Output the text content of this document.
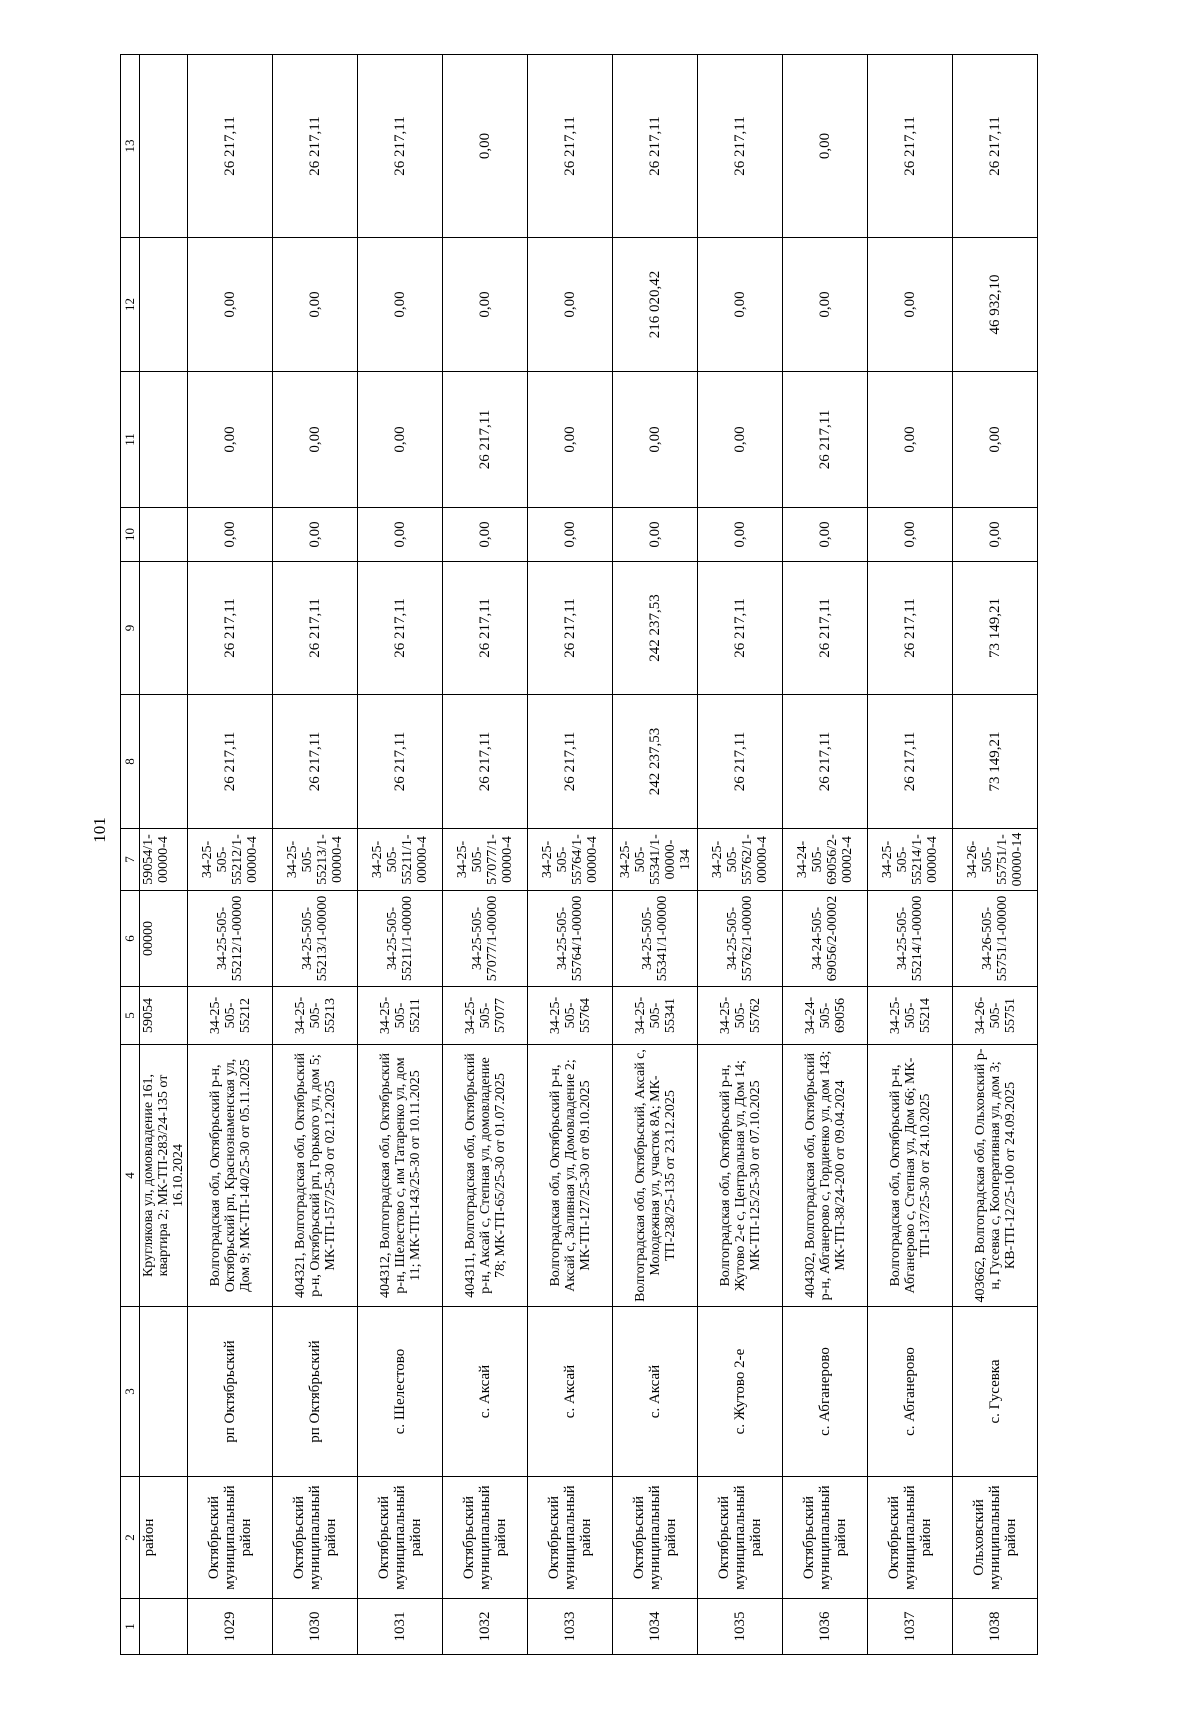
101
1	2	3	4	5	6	7	8	9	10	11	12	13
	район		Круглякова ул, домовладение 161, квартира 2; МК-ТП-283/24-135 от 16.10.2024	59054	00000	59054/1-00000-4						
1029	Октябрьский муниципальный район	рп Октябрьский	Волгоградская обл, Октябрьский р-н, Октябрьский рп, Краснознаменская ул, Дом 9; МК-ТП-140/25-30 от 05.11.2025	34-25-505-55212	34-25-505-55212/1-00000	34-25-505-55212/1-00000-4	26 217,11	26 217,11	0,00	0,00	0,00	26 217,11
1030	Октябрьский муниципальный район	рп Октябрьский	404321, Волгоградская обл, Октябрьский р-н, Октябрьский рп, Горького ул, дом 5; МК-ТП-157/25-30 от 02.12.2025	34-25-505-55213	34-25-505-55213/1-00000	34-25-505-55213/1-00000-4	26 217,11	26 217,11	0,00	0,00	0,00	26 217,11
1031	Октябрьский муниципальный район	с. Шелестово	404312, Волгоградская обл, Октябрьский р-н, Шелестово с, им Татаренко ул, дом 11; МК-ТП-143/25-30 от 10.11.2025	34-25-505-55211	34-25-505-55211/1-00000	34-25-505-55211/1-00000-4	26 217,11	26 217,11	0,00	0,00	0,00	26 217,11
1032	Октябрьский муниципальный район	с. Аксай	404311, Волгоградская обл, Октябрьский р-н, Аксай с, Степная ул, домовладение 78; МК-ТП-65/25-30 от 01.07.2025	34-25-505-57077	34-25-505-57077/1-00000	34-25-505-57077/1-00000-4	26 217,11	26 217,11	0,00	26 217,11	0,00	0,00
1033	Октябрьский муниципальный район	с. Аксай	Волгоградская обл, Октябрьский р-н, Аксай с, Заливная ул, Домовладение 2; МК-ТП-127/25-30 от 09.10.2025	34-25-505-55764	34-25-505-55764/1-00000	34-25-505-55764/1-00000-4	26 217,11	26 217,11	0,00	0,00	0,00	26 217,11
1034	Октябрьский муниципальный район	с. Аксай	Волгоградская обл, Октябрьский, Аксай с, Молодежная ул, участок 8А; МК-ТП-238/25-135 от 23.12.2025	34-25-505-55341	34-25-505-55341/1-00000	34-25-505-55341/1-00000-134	242 237,53	242 237,53	0,00	0,00	216 020,42	26 217,11
1035	Октябрьский муниципальный район	с. Жутово 2-е	Волгоградская обл, Октябрьский р-н, Жутово 2-е с, Центральная ул, Дом 14; МК-ТП-125/25-30 от 07.10.2025	34-25-505-55762	34-25-505-55762/1-00000	34-25-505-55762/1-00000-4	26 217,11	26 217,11	0,00	0,00	0,00	26 217,11
1036	Октябрьский муниципальный район	с. Абганерово	404302, Волгоградская обл, Октябрьский р-н, Абганерово с, Гордиенко ул, дом 143; МК-ТП-38/24-200 от 09.04.2024	34-24-505-69056	34-24-505-69056/2-00002	34-24-505-69056/2-00002-4	26 217,11	26 217,11	0,00	26 217,11	0,00	0,00
1037	Октябрьский муниципальный район	с. Абганерово	Волгоградская обл, Октябрьский р-н, Абганерово с, Степная ул, Дом 66; МК-ТП-137/25-30 от 24.10.2025	34-25-505-55214	34-25-505-55214/1-00000	34-25-505-55214/1-00000-4	26 217,11	26 217,11	0,00	0,00	0,00	26 217,11
1038	Ольховский муниципальный район	с. Гусевка	403662, Волгоградская обл, Ольховский р-н, Гусевка с, Кооперативная ул, дом 3; КВ-ТП-12/25-100 от 24.09.2025	34-26-505-55751	34-26-505-55751/1-00000	34-26-505-55751/1-00000-14	73 149,21	73 149,21	0,00	0,00	46 932,10	26 217,11
